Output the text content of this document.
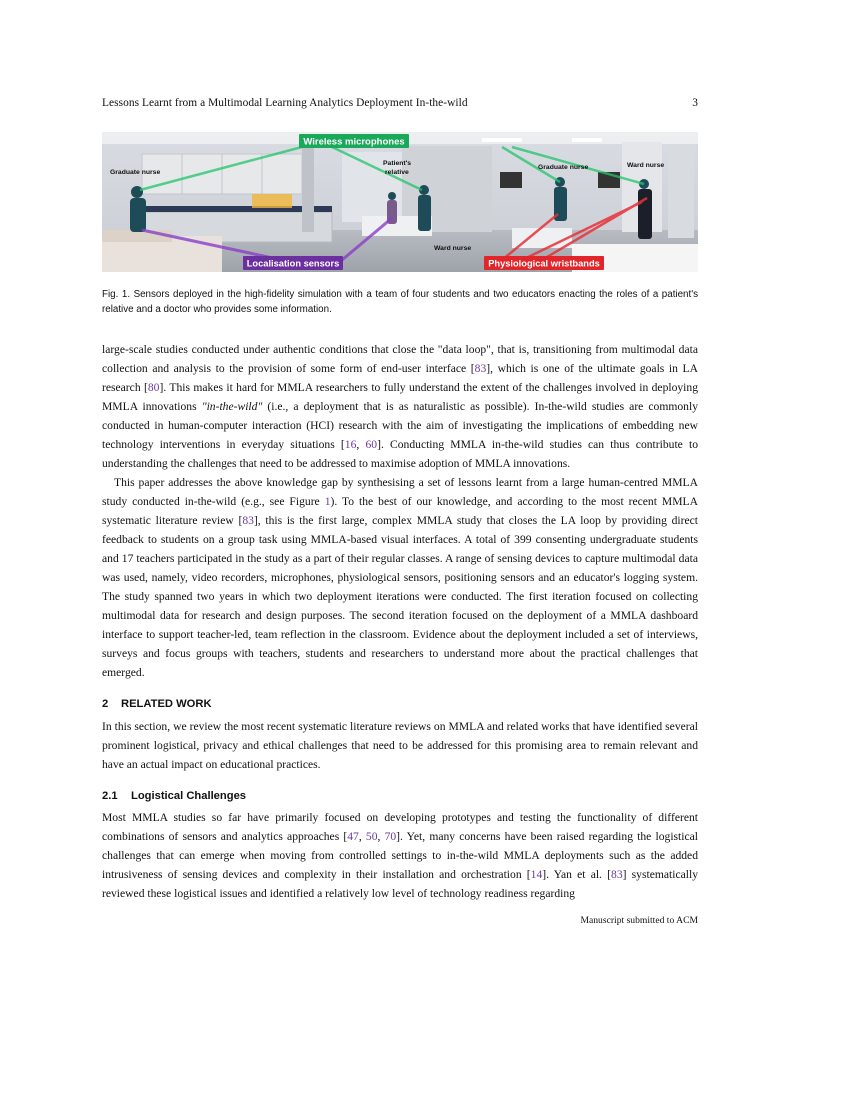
Lessons Learnt from a Multimodal Learning Analytics Deployment In-the-wild	3
Wireless microphones
Localisation sensors	Physiological wristbands
Graduate nurse
Patient's
relative
Ward nurse
Graduate nurse	Ward nurse
Fig. 1. Sensors deployed in the high-fidelity simulation with a team of four students and two educators enacting the roles of a patient's relative and a doctor who provides some information.

large-scale studies conducted under authentic conditions that close the "data loop", that is, transitioning from multimodal data collection and analysis to the provision of some form of end-user interface [83], which is one of the ultimate goals in LA research [80]. This makes it hard for MMLA researchers to fully understand the extent of the challenges involved in deploying MMLA innovations "in-the-wild" (i.e., a deployment that is as naturalistic as possible). In-the-wild studies are commonly conducted in human-computer interaction (HCI) research with the aim of investigating the implications of embedding new technology interventions in everyday situations [16, 60]. Conducting MMLA in-the-wild studies can thus contribute to understanding the challenges that need to be addressed to maximise adoption of MMLA innovations.

This paper addresses the above knowledge gap by synthesising a set of lessons learnt from a large human-centred MMLA study conducted in-the-wild (e.g., see Figure 1). To the best of our knowledge, and according to the most recent MMLA systematic literature review [83], this is the first large, complex MMLA study that closes the LA loop by providing direct feedback to students on a group task using MMLA-based visual interfaces. A total of 399 consenting undergraduate students and 17 teachers participated in the study as a part of their regular classes. A range of sensing devices to capture multimodal data was used, namely, video recorders, microphones, physiological sensors, positioning sensors and an educator's logging system. The study spanned two years in which two deployment iterations were conducted. The first iteration focused on collecting multimodal data for research and design purposes. The second iteration focused on the deployment of a MMLA dashboard interface to support teacher-led, team reflection in the classroom. Evidence about the deployment included a set of interviews, surveys and focus groups with teachers, students and researchers to understand more about the practical challenges that emerged.

2 RELATED WORK

In this section, we review the most recent systematic literature reviews on MMLA and related works that have identified several prominent logistical, privacy and ethical challenges that need to be addressed for this promising area to remain relevant and have an actual impact on educational practices.

2.1 Logistical Challenges

Most MMLA studies so far have primarily focused on developing prototypes and testing the functionality of different combinations of sensors and analytics approaches [47, 50, 70]. Yet, many concerns have been raised regarding the logistical challenges that can emerge when moving from controlled settings to in-the-wild MMLA deployments such as the added intrusiveness of sensing devices and complexity in their installation and orchestration [14]. Yan et al. [83] systematically reviewed these logistical issues and identified a relatively low level of technology readiness regarding

Manuscript submitted to ACM
